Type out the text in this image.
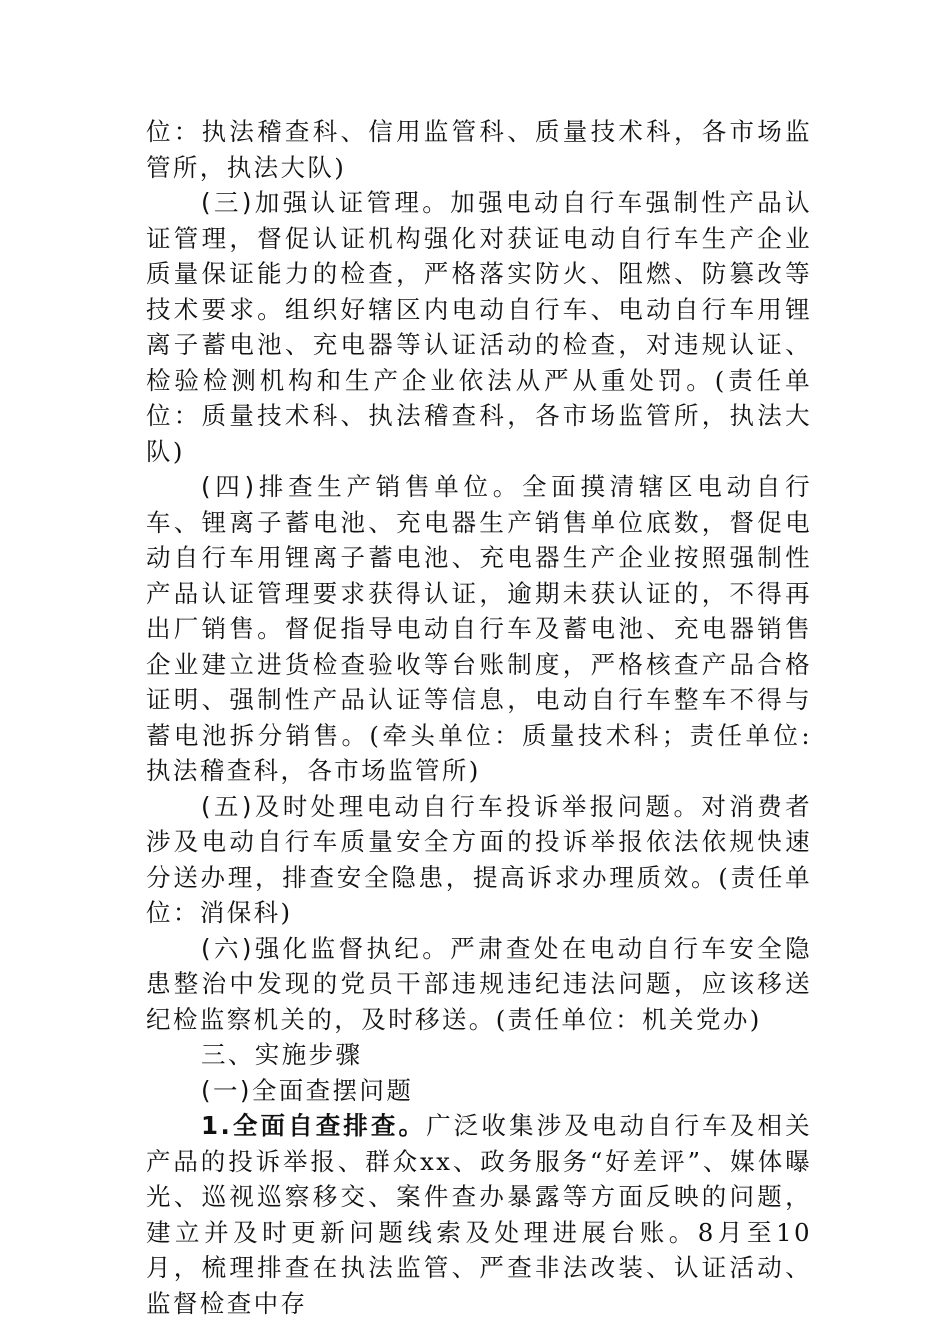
位：执法稽查科、信用监管科、质量技术科，各市场监管所，执法大队)

(三)加强认证管理。加强电动自行车强制性产品认证管理，督促认证机构强化对获证电动自行车生产企业质量保证能力的检查，严格落实防火、阻燃、防篡改等技术要求。组织好辖区内电动自行车、电动自行车用锂离子蓄电池、充电器等认证活动的检查，对违规认证、检验检测机构和生产企业依法从严从重处罚。(责任单位：质量技术科、执法稽查科，各市场监管所，执法大队)

(四)排查生产销售单位。全面摸清辖区电动自行车、锂离子蓄电池、充电器生产销售单位底数，督促电动自行车用锂离子蓄电池、充电器生产企业按照强制性产品认证管理要求获得认证，逾期未获认证的，不得再出厂销售。督促指导电动自行车及蓄电池、充电器销售企业建立进货检查验收等台账制度，严格核查产品合格证明、强制性产品认证等信息，电动自行车整车不得与蓄电池拆分销售。(牵头单位：质量技术科；责任单位:执法稽查科，各市场监管所)

(五)及时处理电动自行车投诉举报问题。对消费者涉及电动自行车质量安全方面的投诉举报依法依规快速分送办理，排查安全隐患，提高诉求办理质效。(责任单位：消保科)

(六)强化监督执纪。严肃查处在电动自行车安全隐患整治中发现的党员干部违规违纪违法问题，应该移送纪检监察机关的，及时移送。(责任单位：机关党办)

三、实施步骤

(一)全面查摆问题

1.全面自查排查。广泛收集涉及电动自行车及相关产品的投诉举报、群众xx、政务服务“好差评”、媒体曝光、巡视巡察移交、案件查办暴露等方面反映的问题，建立并及时更新问题线索及处理进展台账。8月至10月，梳理排查在执法监管、严查非法改装、认证活动、监督检查中存
